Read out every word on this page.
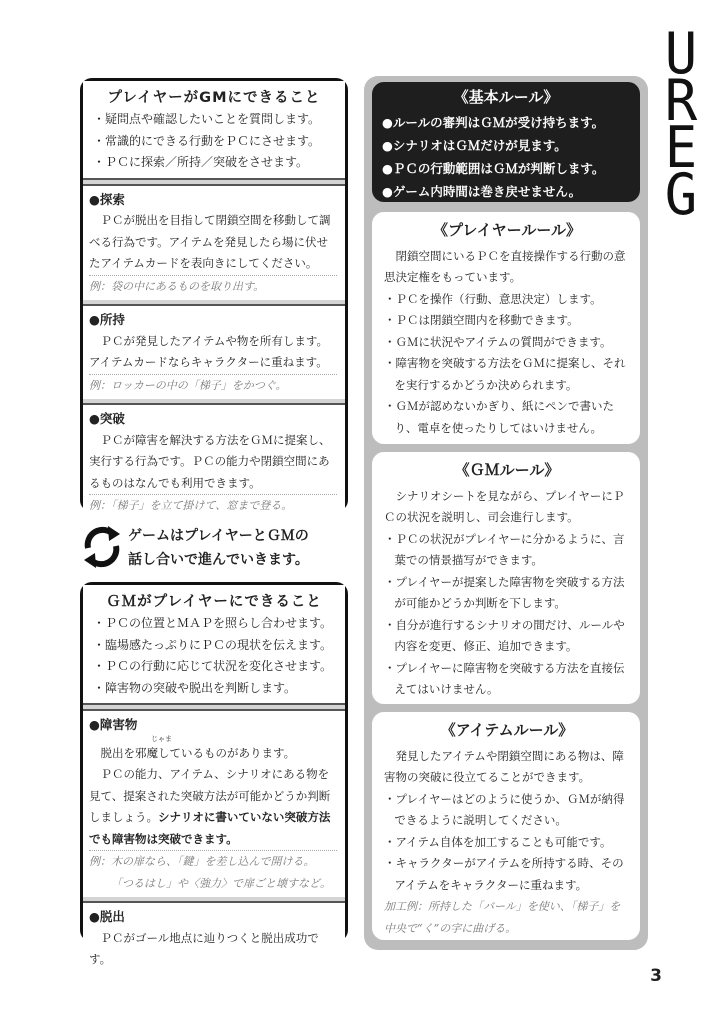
U
R
E
G
プレイヤーがGMにできること
・疑問点や確認したいことを質問します。
・常識的にできる行動をＰＣにさせます。
・ＰＣに探索／所持／突破をさせます。
●探索
ＰＣが脱出を目指して閉鎖空間を移動して調べる行為です。アイテムを発見したら場に伏せたアイテムカードを表向きにしてください。
例：袋の中にあるものを取り出す。
●所持
ＰＣが発見したアイテムや物を所有します。アイテムカードならキャラクターに重ねます。
例：ロッカーの中の「梯子」をかつぐ。
●突破
ＰＣが障害を解決する方法をＧＭに提案し、実行する行為です。ＰＣの能力や閉鎖空間にあるものはなんでも利用できます。
例：「梯子」を立て掛けて、窓まで登る。
ゲームはプレイヤーとＧＭの
話し合いで進んでいきます。
ＧＭがプレイヤーにできること
・ＰＣの位置とＭＡＰを照らし合わせます。
・臨場感たっぷりにＰＣの現状を伝えます。
・ＰＣの行動に応じて状況を変化させます。
・障害物の突破や脱出を判断します。
●障害物
じゃま
脱出を邪魔しているものがあります。
ＰＣの能力、アイテム、シナリオにある物を見て、提案された突破方法が可能かどうか判断しましょう。シナリオに書いていない突破方法でも障害物は突破できます。
例：木の扉なら、「鍵」を差し込んで開ける。
「つるはし」や〈強力〉で扉ごと壊すなど。
●脱出
ＰＣがゴール地点に辿りつくと脱出成功です。
《基本ルール》
●ルールの審判はＧＭが受け持ちます。
●シナリオはＧＭだけが見ます。
●ＰＣの行動範囲はＧＭが判断します。
●ゲーム内時間は巻き戻せません。
《プレイヤールール》
閉鎖空間にいるＰＣを直接操作する行動の意思決定権をもっています。
・ＰＣを操作（行動、意思決定）します。
・ＰＣは閉鎖空間内を移動できます。
・ＧＭに状況やアイテムの質問ができます。
・障害物を突破する方法をＧＭに提案し、それを実行するかどうか決められます。
・ＧＭが認めないかぎり、紙にペンで書いたり、電卓を使ったりしてはいけません。
《ＧＭルール》
シナリオシートを見ながら、プレイヤーにＰＣの状況を説明し、司会進行します。
・ＰＣの状況がプレイヤーに分かるように、言葉での情景描写ができます。
・プレイヤーが提案した障害物を突破する方法が可能かどうか判断を下します。
・自分が進行するシナリオの間だけ、ルールや内容を変更、修正、追加できます。
・プレイヤーに障害物を突破する方法を直接伝えてはいけません。
《アイテムルール》
発見したアイテムや閉鎖空間にある物は、障害物の突破に役立てることができます。
・プレイヤーはどのように使うか、ＧＭが納得できるように説明してください。
・アイテム自体を加工することも可能です。
・キャラクターがアイテムを所持する時、そのアイテムをキャラクターに重ねます。
加工例：所持した「バール」を使い、「梯子」を中央で“く”の字に曲げる。
3
